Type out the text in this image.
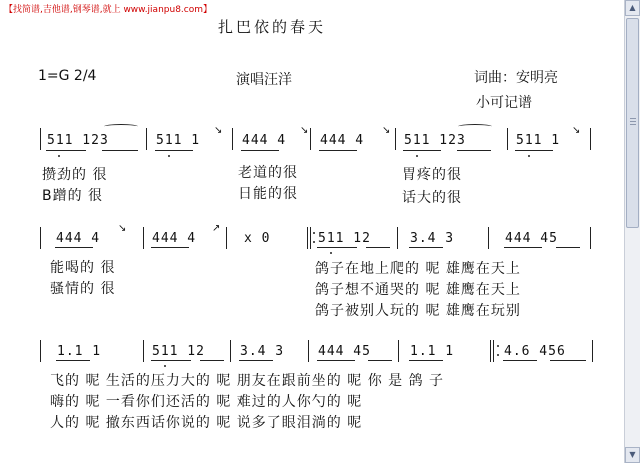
【找简谱,吉他谱,钢琴谱,就上 www.jianpu8.com】
扎巴依的春天
1=G 2/4	演唱汪洋	词曲：安明亮
小可记谱
511 123	511 1	444 4	444 4	511 123	511 1
↘	↘	↘	↘
攒劲的 很	老道的很	胃疼的很
B蹭的 很	日能的很	话大的很
444 4	444 4	x 0	511 12	3.4 3	444 45
↘	↗
能喝的 很
骚情的 很
鸽子在地上爬的 呢 雄鹰在天上
鸽子想不通哭的 呢 雄鹰在天上
鸽子被别人玩的 呢 雄鹰在玩别
1.1 1	511 12	3.4 3	444 45	1.1 1	4.6 456
飞的 呢 生活的压力大的 呢 朋友在跟前坐的 呢 你 是 鸽 子
嗨的 呢 一看你们还活的 呢 难过的人你勺的 呢
人的 呢 撤东西话你说的 呢 说多了眼泪淌的 呢
▲
▼
